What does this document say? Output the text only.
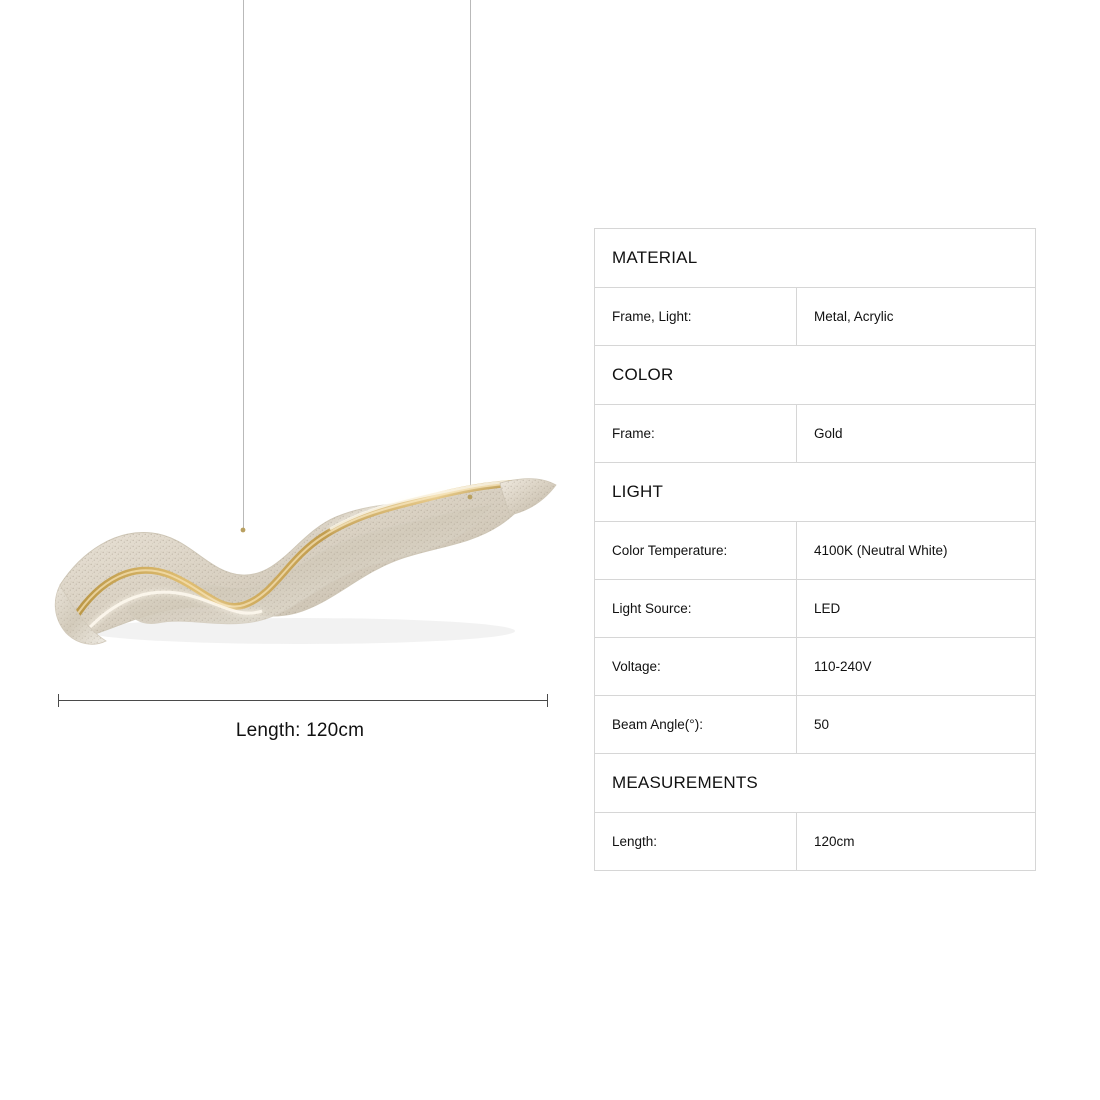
Length: 120cm
MATERIAL
Frame, Light:	Metal, Acrylic
COLOR
Frame:	Gold
LIGHT
Color Temperature:	4100K (Neutral White)
Light Source:	LED
Voltage:	110-240V
Beam Angle(°):	50
MEASUREMENTS
Length:	120cm
